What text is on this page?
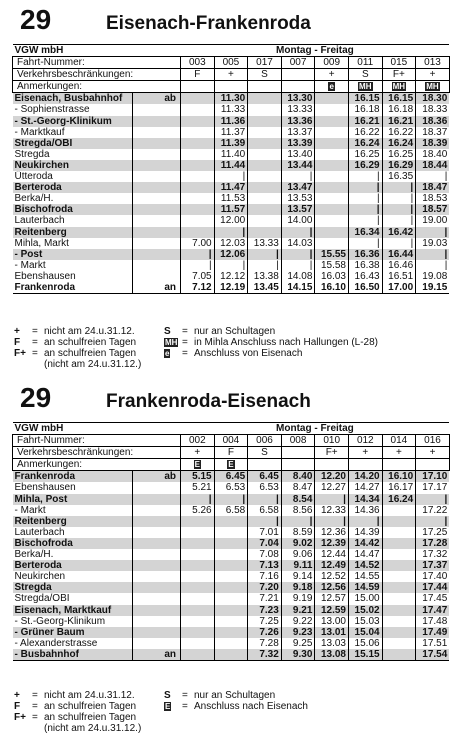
29	Eisenach-Frankenroda
VGW mbH		Montag - Freitag							
Fahrt-Nummer:		003	005	017	007	009	011	015	013
Verkehrsbeschränkungen:		F	+	S		+	S	F+	+
Anmerkungen:						e	MH	MH	MH
Eisenach, Busbahnhof	ab		11.30		13.30		16.15	16.15	18.30
- Sophienstrasse			11.33		13.33		16.18	16.18	18.33
- St.-Georg-Klinikum			11.36		13.36		16.21	16.21	18.36
- Marktkauf			11.37		13.37		16.22	16.22	18.37
Stregda/OBI			11.39		13.39		16.24	16.24	18.39
Stregda			11.40		13.40		16.25	16.25	18.40
Neukirchen			11.44		13.44		16.29	16.29	18.44
Ütteroda			|		|		|	16.35	|
Berteroda			11.47		13.47		|	|	18.47
Berka/H.			11.53		13.53		|	|	18.53
Bischofroda			11.57		13.57		|	|	18.57
Lauterbach			12.00		14.00		|	|	19.00
Reitenberg			|		|		16.34	16.42	|
Mihla, Markt		7.00	12.03	13.33	14.03		|	|	19.03
- Post		|	12.06	|	|	15.55	16.36	16.44	|
- Markt		|	|	|	|	15.58	16.38	16.46	|
Ebenshausen		7.05	12.12	13.38	14.08	16.03	16.43	16.51	19.08
Frankenroda	an	7.12	12.19	13.45	14.15	16.10	16.50	17.00	19.15
+	= nicht am 24.u.31.12.	S	= nur an Schultagen
F	= an schulfreien Tagen	MH = in Mihla Anschluss nach Hallungen (L-28)
F+ = an schulfreien Tagen	e	= Anschluss von Eisenach
(nicht am 24.u.31.12.)
29	Frankenroda-Eisenach
VGW mbH		Montag - Freitag							
Fahrt-Nummer:		002	004	006	008	010	012	014	016
Verkehrsbeschränkungen:		+	F	S		F+	+	+	+
Anmerkungen:		E	E						
Frankenroda	ab	5.15	6.45	6.45	8.40	12.20	14.20	16.10	17.10
Ebenshausen		5.21	6.53	6.53	8.47	12.27	14.27	16.17	17.17
Mihla, Post		|	|	|	8.54	|	14.34	16.24	|
- Markt		5.26	6.58	6.58	8.56	12.33	14.36		17.22
Reitenberg				|	|	|	|		|
Lauterbach				7.01	8.59	12.36	14.39		17.25
Bischofroda				7.04	9.02	12.39	14.42		17.28
Berka/H.				7.08	9.06	12.44	14.47		17.32
Berteroda				7.13	9.11	12.49	14.52		17.37
Neukirchen				7.16	9.14	12.52	14.55		17.40
Stregda				7.20	9.18	12.56	14.59		17.44
Stregda/OBI				7.21	9.19	12.57	15.00		17.45
Eisenach, Marktkauf				7.23	9.21	12.59	15.02		17.47
- St.-Georg-Klinikum				7.25	9.22	13.00	15.03		17.48
- Grüner Baum				7.26	9.23	13.01	15.04		17.49
- Alexanderstrasse				7.28	9.25	13.03	15.06		17.51
- Busbahnhof	an			7.32	9.30	13.08	15.15		17.54
+	= nicht am 24.u.31.12.	S	= nur an Schultagen
F	= an schulfreien Tagen	E	= Anschluss nach Eisenach
F+ = an schulfreien Tagen
(nicht am 24.u.31.12.)
